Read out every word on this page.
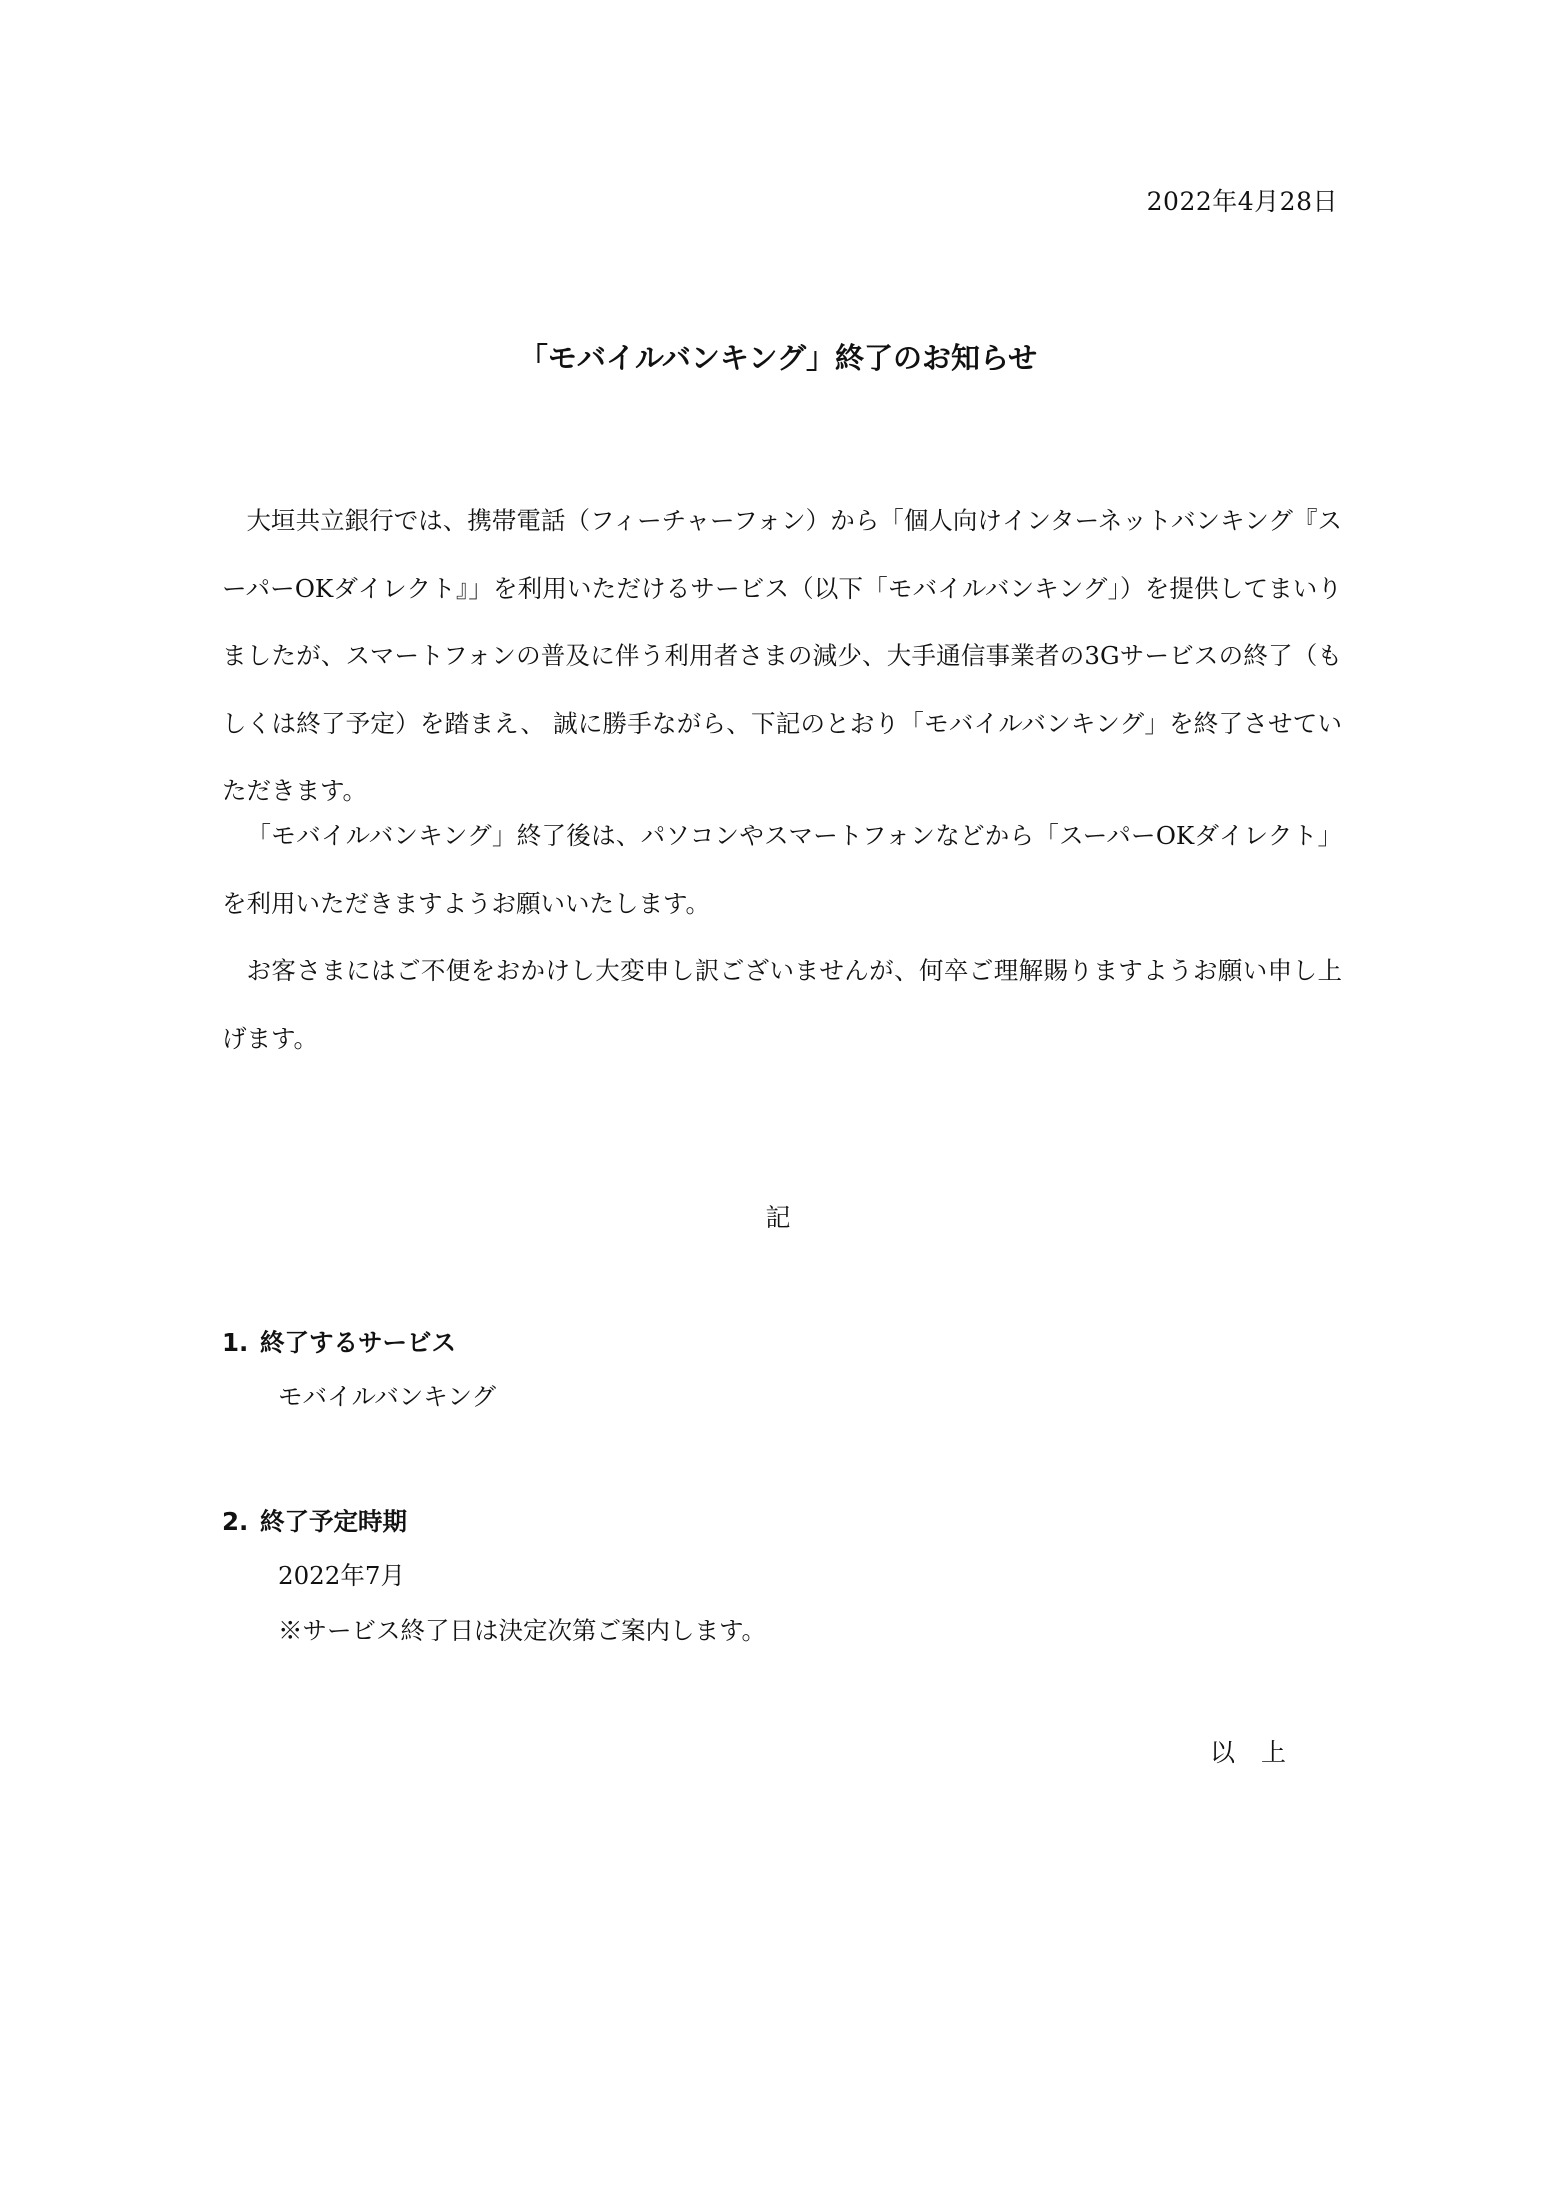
2022年4月28日
「モバイルバンキング」終了のお知らせ

大垣共立銀行では、携帯電話（フィーチャーフォン）から「個人向けインターネットバンキング『スーパーOKダイレクト』」を利用いただけるサービス（以下「モバイルバンキング」）を提供してまいりましたが、スマートフォンの普及に伴う利用者さまの減少、大手通信事業者の3Gサービスの終了（もしくは終了予定）を踏まえ、 誠に勝手ながら、下記のとおり「モバイルバンキング」を終了させていただきます。

「モバイルバンキング」終了後は、パソコンやスマートフォンなどから「スーパーOKダイレクト」を利用いただきますようお願いいたします。

お客さまにはご不便をおかけし大変申し訳ございませんが、何卒ご理解賜りますようお願い申し上げます。

記
1. 終了するサービス
モバイルバンキング
2. 終了予定時期
2022年7月
※サービス終了日は決定次第ご案内します。
以上
